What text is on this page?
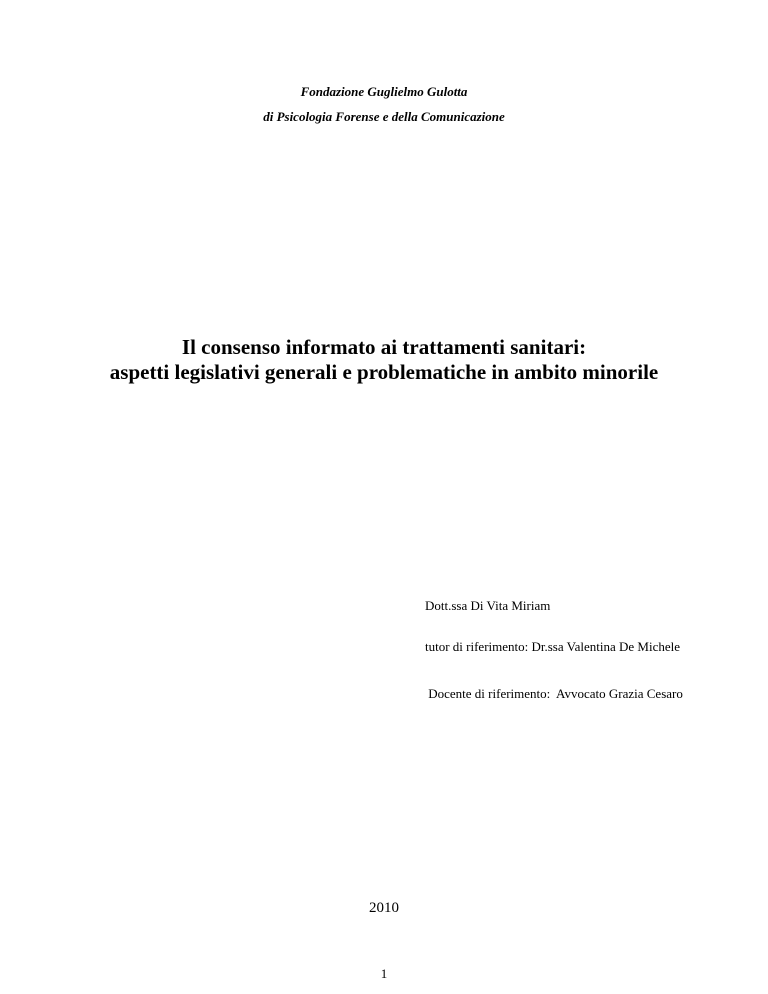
Fondazione Guglielmo Gulotta
di Psicologia Forense e della Comunicazione
Il consenso informato ai trattamenti sanitari:
aspetti legislativi generali e problematiche in ambito minorile
Dott.ssa Di Vita Miriam
tutor di riferimento: Dr.ssa Valentina De Michele
Docente di riferimento:  Avvocato Grazia Cesaro
2010
1
